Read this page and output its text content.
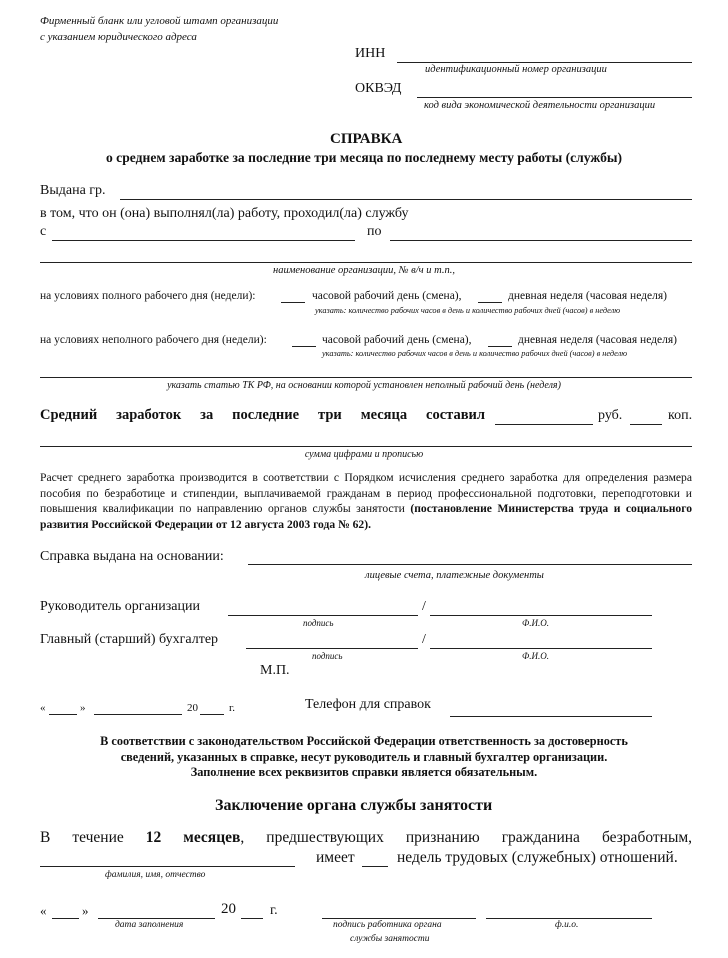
Фирменный бланк или угловой штамп организации
с указанием юридического адреса
ИНН
идентификационный номер организации
ОКВЭД
код вида экономической деятельности организации
СПРАВКА
о среднем заработке за последние три месяца по последнему месту работы (службы)
Выдана гр.
в том, что он (она) выполнял(ла) работу, проходил(ла) службу
с	по
наименование организации, № в/ч и т.п.,
на условиях полного рабочего дня (недели):	часовой рабочий день (смена),	дневная неделя (часовая неделя)
указать: количество рабочих часов в день и количество рабочих дней (часов) в неделю
на условиях неполного рабочего дня (недели):	часовой рабочий день (смена),	дневная неделя (часовая неделя)
указать: количество рабочих часов в день и количество рабочих дней (часов) в неделю
указать статью ТК РФ, на основании которой установлен неполный рабочий день (неделя)
Средний заработок за последние три месяца составил	руб.	коп.
сумма цифрами и прописью
Расчет среднего заработка производится в соответствии с Порядком исчисления среднего заработка для определения размера пособия по безработице и стипендии, выплачиваемой гражданам в период профессиональной подготовки, переподготовки и повышения квалификации по направлению органов службы занятости (постановление Министерства труда и социального развития Российской Федерации от 12 августа 2003 года № 62).
Справка выдана на основании:
лицевые счета, платежные документы
Руководитель организации	/
подпись	Ф.И.О.
Главный (старший) бухгалтер	/
подпись	Ф.И.О.
М.П.
«	»	20	г.	Телефон для справок
В соответствии с законодательством Российской Федерации ответственность за достоверность
сведений, указанных в справке, несут руководитель и главный бухгалтер организации.
Заполнение всех реквизитов справки является обязательным.
Заключение органа службы занятости
В течение 12 месяцев, предшествующих признанию гражданина безработным,
имеет	недель трудовых (служебных) отношений.
фамилия, имя, отчество
«	»	20 г.
дата заполнения	подпись работника органа
службы занятости
ф.и.о.
